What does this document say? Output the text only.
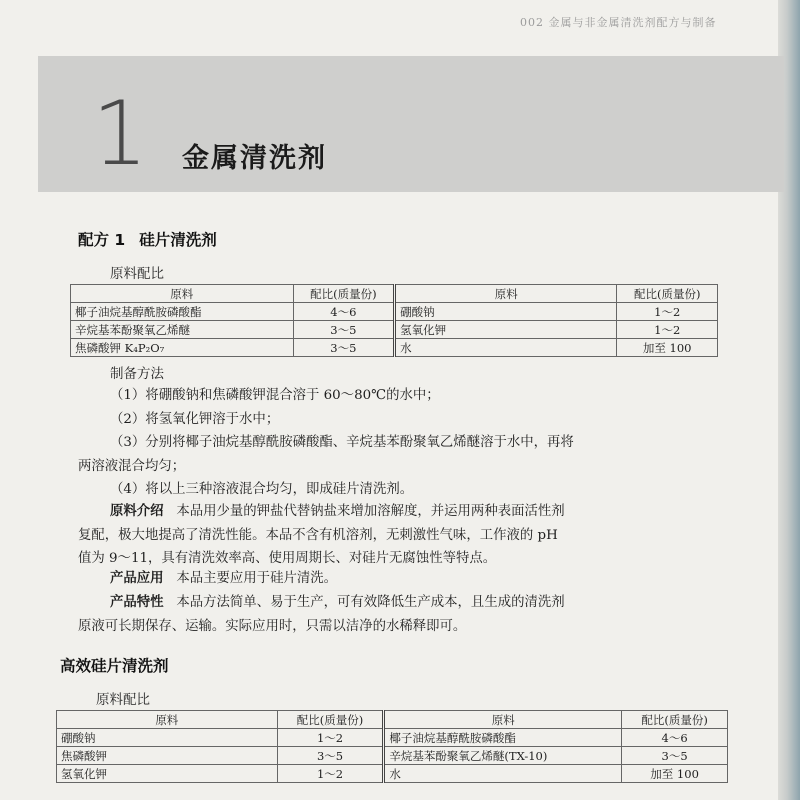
002 金属与非金属清洗剂配方与制备
1 金属清洗剂
配方 1 硅片清洗剂
原料配比
原料	配比(质量份)	原料	配比(质量份)
椰子油烷基醇酰胺磷酸酯	4～6	硼酸钠	1～2
辛烷基苯酚聚氧乙烯醚	3～5	氢氧化钾	1～2
焦磷酸钾 K₄P₂O₇	3～5	水	加至 100
制备方法

（1）将硼酸钠和焦磷酸钾混合溶于 60～80℃的水中；

（2）将氢氧化钾溶于水中；

（3）分别将椰子油烷基醇酰胺磷酸酯、辛烷基苯酚聚氧乙烯醚溶于水中，再将

两溶液混合均匀；

（4）将以上三种溶液混合均匀，即成硅片清洗剂。

原料介绍 本品用少量的钾盐代替钠盐来增加溶解度，并运用两种表面活性剂

复配，极大地提高了清洗性能。本品不含有机溶剂，无刺激性气味，工作液的 pH

值为 9～11，具有清洗效率高、使用周期长、对硅片无腐蚀性等特点。

产品应用 本品主要应用于硅片清洗。

产品特性 本品方法简单、易于生产，可有效降低生产成本，且生成的清洗剂

原液可长期保存、运输。实际应用时，只需以洁净的水稀释即可。

高效硅片清洗剂
原料配比
原料	配比(质量份)	原料	配比(质量份)
硼酸钠	1～2	椰子油烷基醇酰胺磷酸酯	4～6
焦磷酸钾	3～5	辛烷基苯酚聚氧乙烯醚(TX-10)	3～5
氢氧化钾	1～2	水	加至 100
